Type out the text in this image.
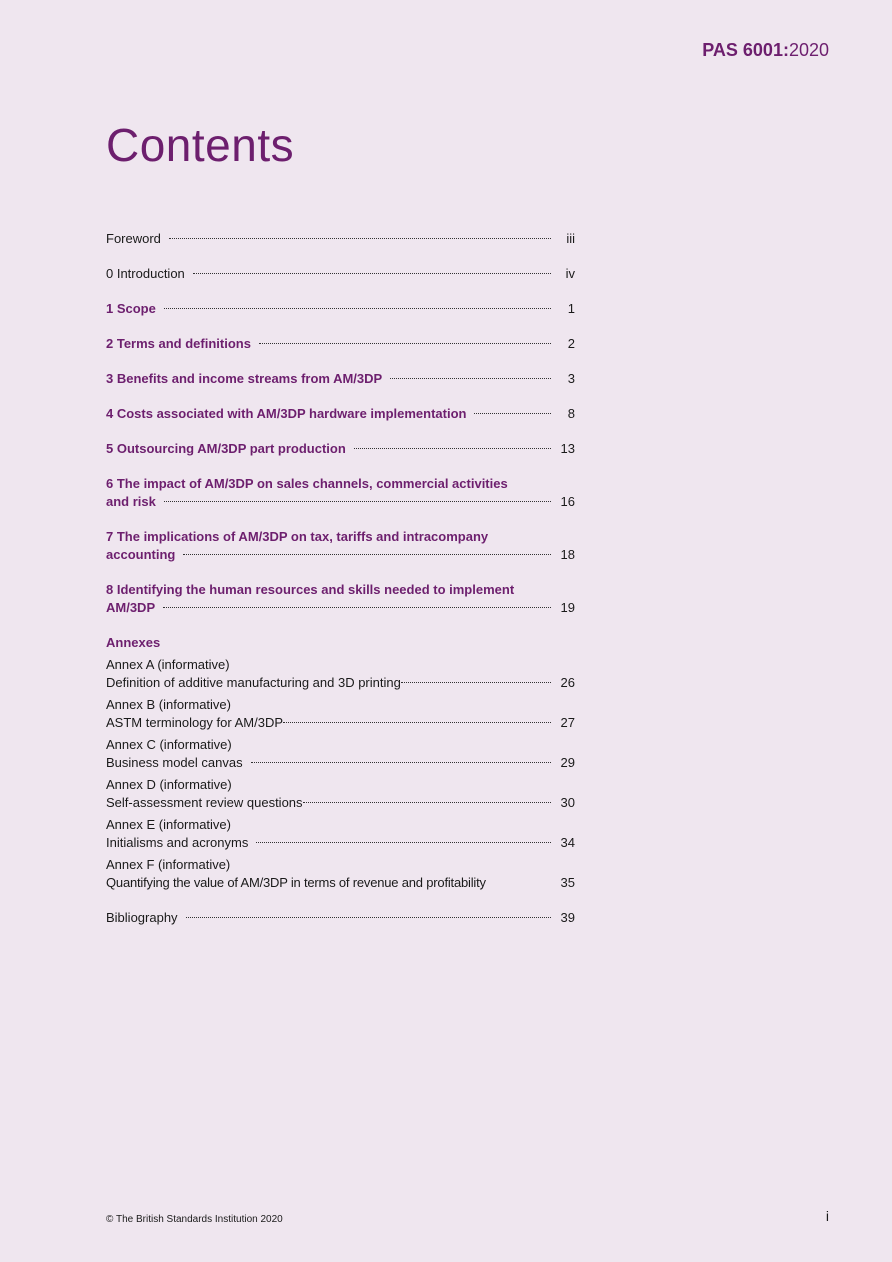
PAS 6001:2020
Contents
Foreword	iii
0 Introduction	iv
1 Scope	1
2 Terms and definitions	2
3 Benefits and income streams from AM/3DP	3
4 Costs associated with AM/3DP hardware implementation	8
5 Outsourcing AM/3DP part production	13
6 The impact of AM/3DP on sales channels, commercial activities
and risk	16
7 The implications of AM/3DP on tax, tariffs and intracompany
accounting	18
8 Identifying the human resources and skills needed to implement
AM/3DP	19
Annexes
Annex A (informative)
Definition of additive manufacturing and 3D printing	26
Annex B (informative)
ASTM terminology for AM/3DP	27
Annex C (informative)
Business model canvas	29
Annex D (informative)
Self-assessment review questions	30
Annex E (informative)
Initialisms and acronyms	34
Annex F (informative)
Quantifying the value of AM/3DP in terms of revenue and profitability	35
Bibliography	39
© The British Standards Institution 2020	i
